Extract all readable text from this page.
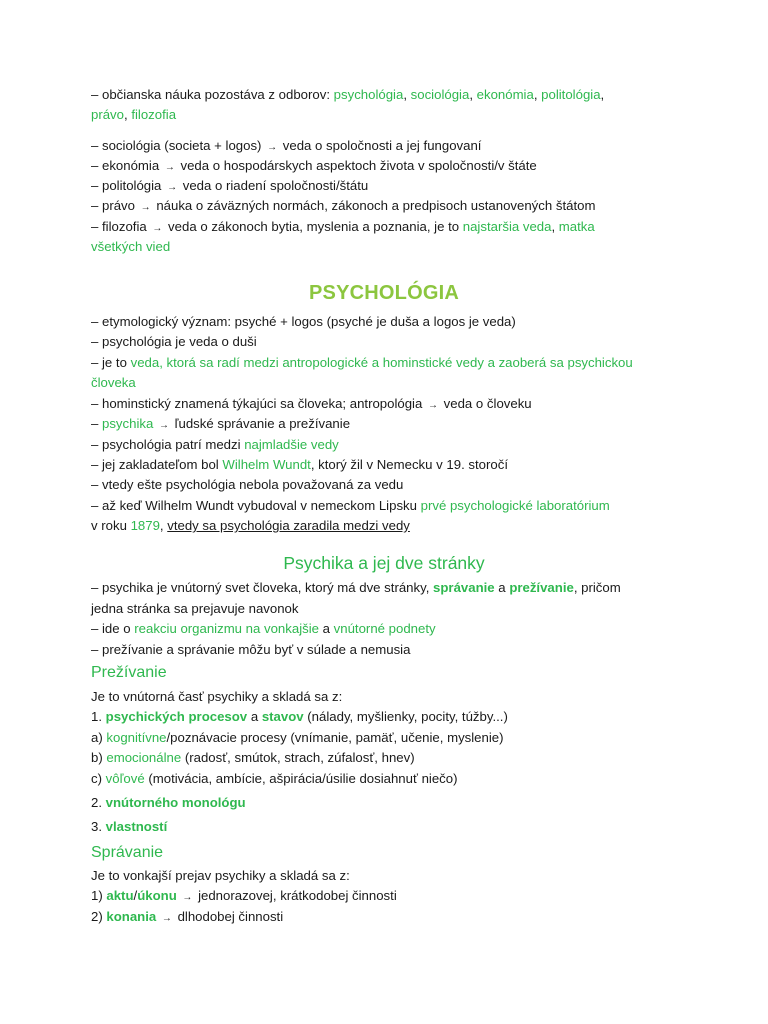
– občianska náuka pozostáva z odborov: psychológia, sociológia, ekonómia, politológia,
právo, filozofia
– sociológia (societa + logos) → veda o spoločnosti a jej fungovaní
– ekonómia → veda o hospodárskych aspektoch života v spoločnosti/v štáte
– politológia → veda o riadení spoločnosti/štátu
– právo → náuka o záväzných normách, zákonoch a predpisoch ustanovených štátom
– filozofia → veda o zákonoch bytia, myslenia a poznania, je to najstaršia veda, matka
všetkých vied
PSYCHOLÓGIA
– etymologický význam: psyché + logos (psyché je duša a logos je veda)
– psychológia je veda o duši
– je to veda, ktorá sa radí medzi antropologické a hominstické vedy a zaoberá sa psychickou
človeka
– hominstický znamená týkajúci sa človeka; antropológia → veda o človeku
– psychika → ľudské správanie a prežívanie
– psychológia patrí medzi najmladšie vedy
– jej zakladateľom bol Wilhelm Wundt, ktorý žil v Nemecku v 19. storočí
– vtedy ešte psychológia nebola považovaná za vedu
– až keď Wilhelm Wundt vybudoval v nemeckom Lipsku prvé psychologické laboratórium
v roku 1879, vtedy sa psychológia zaradila medzi vedy
Psychika a jej dve stránky
– psychika je vnútorný svet človeka, ktorý má dve stránky, správanie a prežívanie, pričom
jedna stránka sa prejavuje navonok
– ide o reakciu organizmu na vonkajšie a vnútorné podnety
– prežívanie a správanie môžu byť v súlade a nemusia
Prežívanie
Je to vnútorná časť psychiky a skladá sa z:
1. psychických procesov a stavov (nálady, myšlienky, pocity, túžby...)
a) kognitívne/poznávacie procesy (vnímanie, pamäť, učenie, myslenie)
b) emocionálne (radosť, smútok, strach, zúfalosť, hnev)
c) vôľové (motivácia, ambície, ašpirácia/úsilie dosiahnuť niečo)
2. vnútorného monológu
3. vlastností
Správanie
Je to vonkajší prejav psychiky a skladá sa z:
1) aktu/úkonu → jednorazovej, krátkodobej činnosti
2) konania → dlhodobej činnosti
